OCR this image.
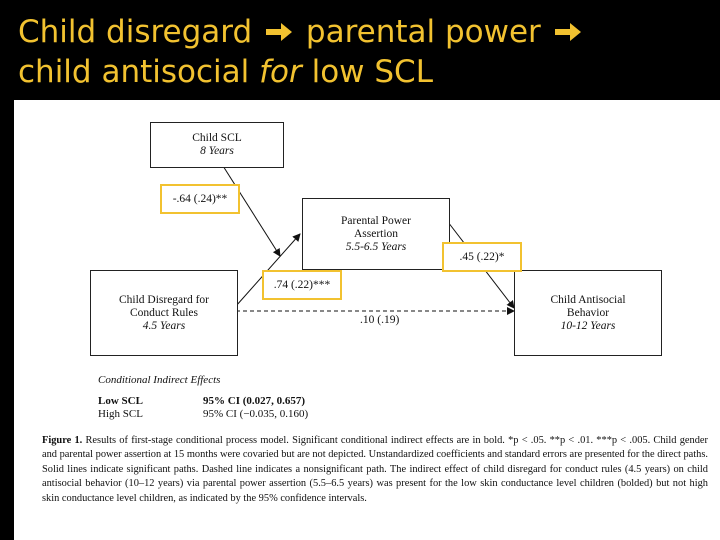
Child disregard parental power

child antisocial for low SCL
Child SCL
8 Years
Parental Power
Assertion
5.5-6.5 Years
Child Disregard for
Conduct Rules
4.5 Years
Child Antisocial
Behavior
10-12 Years
-.64 (.24)**
.45 (.22)*
.74 (.22)***
.10 (.19)
Conditional Indirect Effects
Low SCL	95% CI (0.027, 0.657)
High SCL	95% CI (−0.035, 0.160)
Figure 1. Results of first-stage conditional process model. Significant conditional indirect effects are in bold. *p < .05. **p < .01. ***p < .005. Child gender and parental power assertion at 15 months were covaried but are not depicted. Unstandardized coefficients and standard errors are presented for the direct paths. Solid lines indicate significant paths. Dashed line indicates a nonsignificant path. The indirect effect of child disregard for conduct rules (4.5 years) on child antisocial behavior (10–12 years) via parental power assertion (5.5–6.5 years) was present for the low skin conductance level children (bolded) but not high skin conductance level children, as indicated by the 95% confidence intervals.
